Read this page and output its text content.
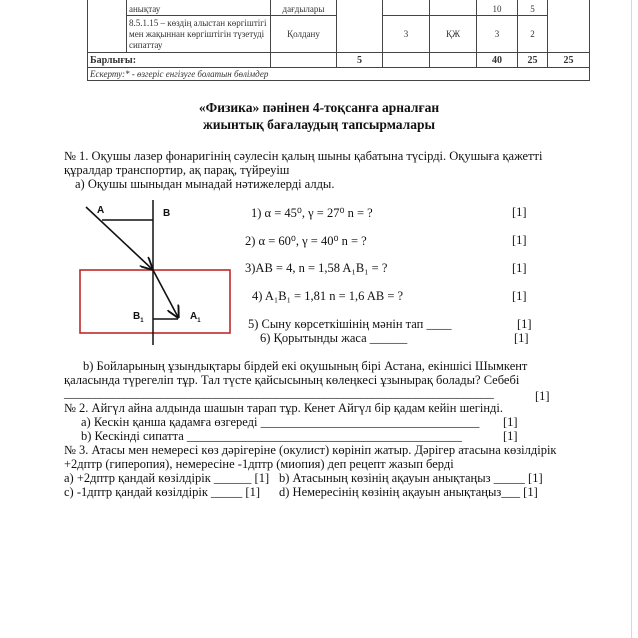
	анықтау	дағдылары				10	5	
	8.5.1.15 – көздің алыстан көргіштігі мен жақыннан көргіштігін түзетуді сипаттау	Қолдану		3	ҚЖ	3	2	
Барлығы:			5			40	25	25
Ескерту:* - өзгеріс енгізуге болатын бөлімдер								
«Физика» пәнінен 4-тоқсанға арналған
жиынтық бағалаудың тапсырмалары
№ 1. Оқушы лазер фонаригінің сәулесін қалың шыны қабатына түсірді. Оқушыға қажетті
құралдар транспортир, ақ парақ, түйреуіш
а) Оқушы шыныдан мынадай нәтижелерді алды.
A	B
$B_1$	$A_1$
1) α = 45⁰, γ = 27⁰ n = ?	[1]
2) α = 60⁰, γ = 40⁰ n = ?	[1]
3)AB = 4, n = 1,58 A₁B₁ = ?	[1]
4) A₁B₁ = 1,81 n = 1,6 AB = ?	[1]
5) Сыну көрсеткішінің мәнін тап ____	[1]
6) Қорытынды жаса ______	[1]
b) Бойларының ұзындықтары бірдей екі оқушының бірі Астана, екіншісі Шымкент
қаласында түрегеліп тұр. Тал түсте қайсысының көлеңкесі ұзынырақ болады? Себебі
_______________________________________________________________________	[1]
№ 2. Айгүл айна алдында шашын тарап тұр. Кенет Айгүл бір қадам кейін шегінді.
a) Кескін қанша қадамға өзгереді ___________________________________ [1]
b) Кескінді сипатта ____________________________________________	[1]
№ 3. Атасы мен немересі көз дәрігеріне (окулист) көрініп жатыр. Дәрігер атасына көзілдірік
+2дптр (гиперопия), немересіне -1дптр (миопия) деп рецепт жазып берді
a) +2дптр қандай көзілдірік ______ [1] b) Атасының көзінің ақауын анықтаңыз _____ [1]
c) -1дптр қандай көзілдірік _____ [1] d) Немересінің көзінің ақауын анықтаңыз___ [1]
